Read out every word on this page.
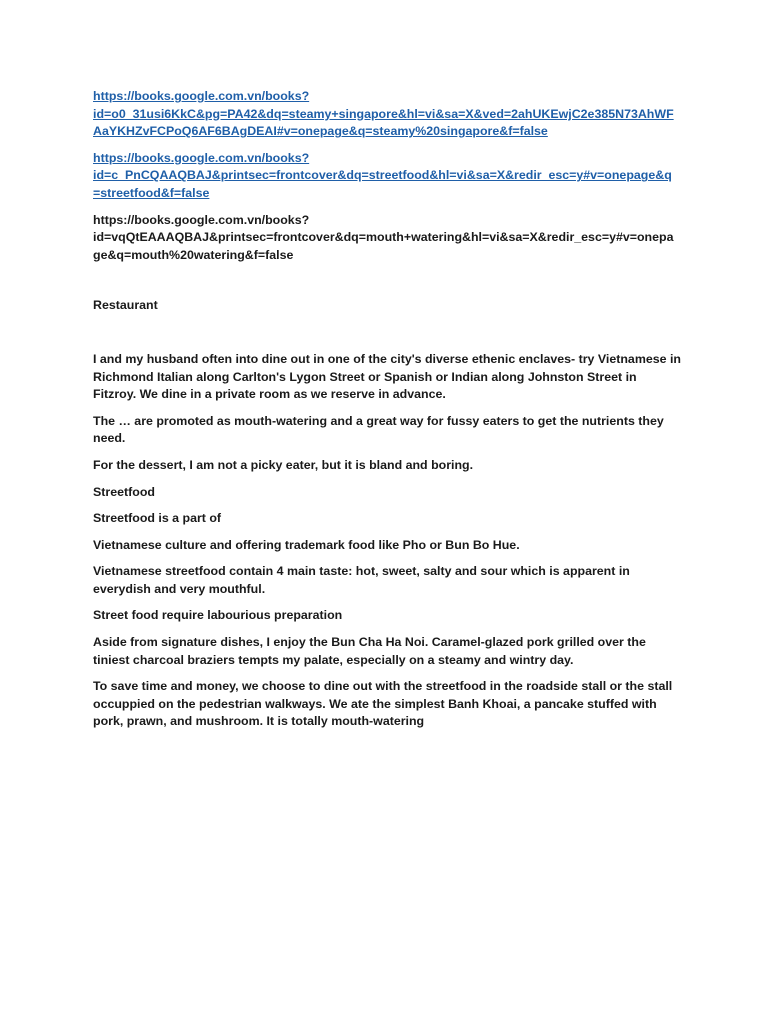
https://books.google.com.vn/books?
id=o0_31usi6KkC&pg=PA42&dq=steamy+singapore&hl=vi&sa=X&ved=2ahUKEwjC2e385N73AhWF
AaYKHZvFCPoQ6AF6BAgDEAI#v=onepage&q=steamy%20singapore&f=false
https://books.google.com.vn/books?
id=c_PnCQAAQBAJ&printsec=frontcover&dq=streetfood&hl=vi&sa=X&redir_esc=y#v=onepage&q
=streetfood&f=false
https://books.google.com.vn/books?
id=vqQtEAAAQBAJ&printsec=frontcover&dq=mouth+watering&hl=vi&sa=X&redir_esc=y#v=onepa
ge&q=mouth%20watering&f=false
Restaurant
I and my husband often into dine out in one of the city's diverse ethenic enclaves- try Vietnamese in Richmond Italian along Carlton's Lygon Street or Spanish or Indian along Johnston Street in Fitzroy. We dine in a private room as we reserve in advance.
The … are promoted as mouth-watering and a great way for fussy eaters to get the nutrients they need.
For the dessert, I am not a picky eater, but it is bland and boring.
Streetfood
Streetfood is a part of
Vietnamese culture and offering trademark food like Pho or Bun Bo Hue.
Vietnamese streetfood contain 4 main taste: hot, sweet, salty and sour which is apparent in everydish and very mouthful.
Street food require labourious preparation
Aside from signature dishes, I enjoy the Bun Cha Ha Noi. Caramel-glazed pork grilled over the tiniest charcoal braziers tempts my palate, especially on a steamy and wintry day.
To save time and money, we choose to dine out with the streetfood in the roadside stall or the stall occuppied on the pedestrian walkways. We ate the simplest Banh Khoai, a pancake stuffed with pork, prawn, and mushroom. It is totally mouth-watering
